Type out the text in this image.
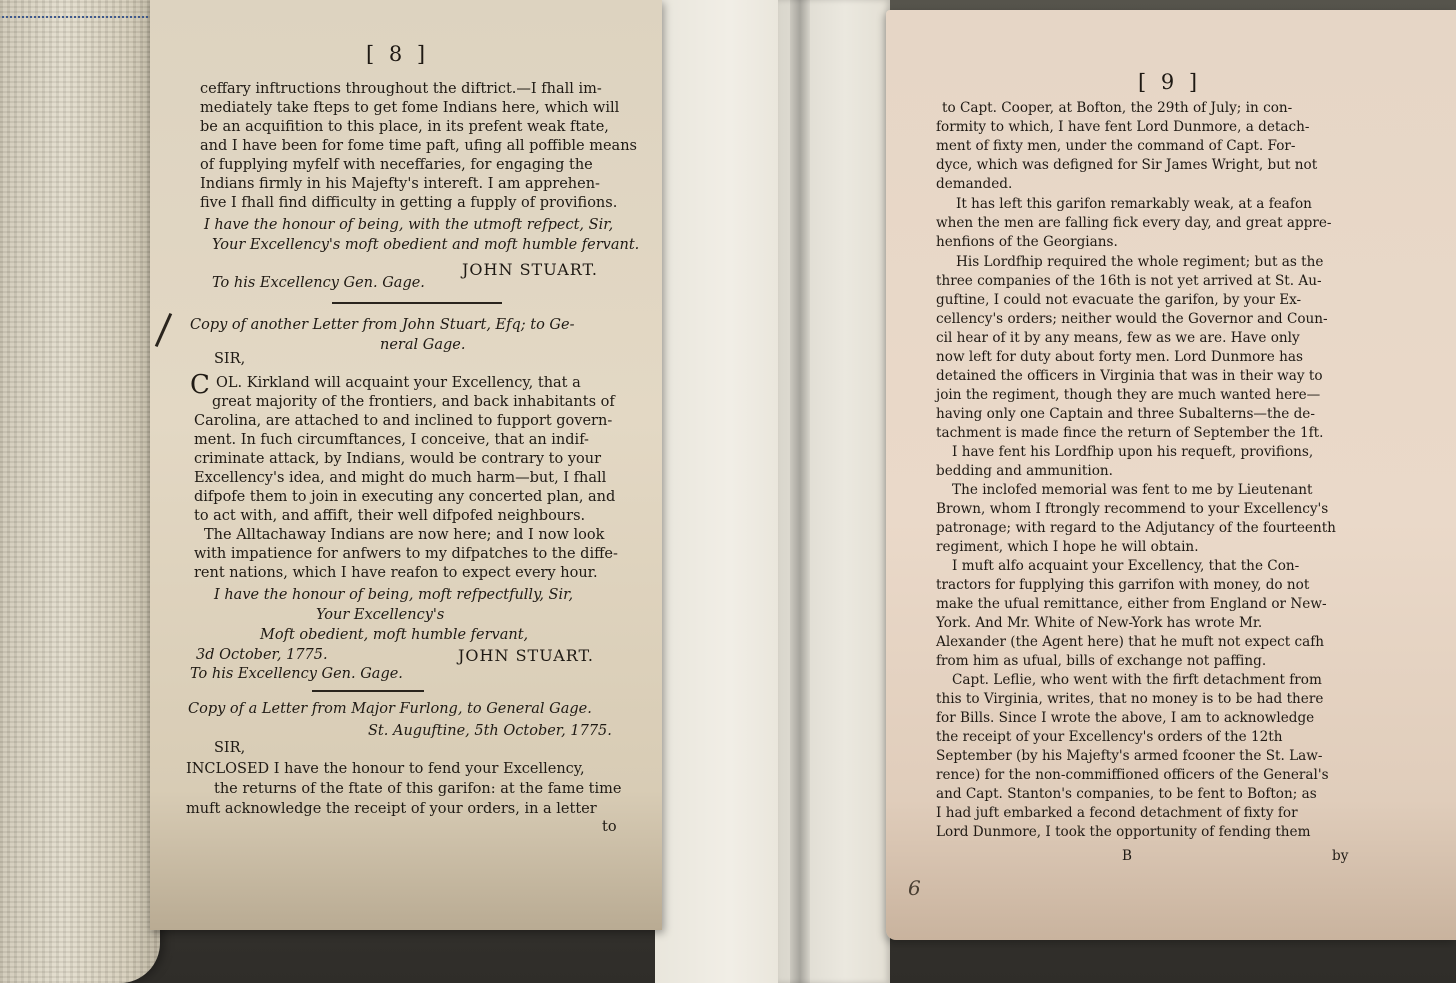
[ 8 ]
ceffary inftructions throughout the diftrict.—I fhall im-
mediately take fteps to get fome Indians here, which will
be an acquifition to this place, in its prefent weak ftate,
and I have been for fome time paft, ufing all poffible means
of fupplying myfelf with neceffaries, for engaging the
Indians firmly in his Majefty's intereft. I am apprehen-
five I fhall find difficulty in getting a fupply of provifions.
I have the honour of being, with the utmoft refpect, Sir,
Your Excellency's moft obedient and moft humble fervant.
JOHN STUART.
To his Excellency Gen. Gage.
Copy of another Letter from John Stuart, Efq; to Ge-
neral Gage.
SIR,
C OL. Kirkland will acquaint your Excellency, that a
great majority of the frontiers, and back inhabitants of
Carolina, are attached to and inclined to fupport govern-
ment. In fuch circumftances, I conceive, that an indif-
criminate attack, by Indians, would be contrary to your
Excellency's idea, and might do much harm—but, I fhall
difpofe them to join in executing any concerted plan, and
to act with, and affift, their well difpofed neighbours.
The Alltachaway Indians are now here; and I now look
with impatience for anfwers to my difpatches to the diffe-
rent nations, which I have reafon to expect every hour.
I have the honour of being, moft refpectfully, Sir,
Your Excellency's
Moft obedient, moft humble fervant,
3d October, 1775.	JOHN STUART.
To his Excellency Gen. Gage.
Copy of a Letter from Major Furlong, to General Gage.
St. Auguftine, 5th October, 1775.
SIR,
INCLOSED I have the honour to fend your Excellency,
the returns of the ftate of this garifon: at the fame time
muft acknowledge the receipt of your orders, in a letter
to
[ 9 ]
to Capt. Cooper, at Bofton, the 29th of July; in con-
formity to which, I have fent Lord Dunmore, a detach-
ment of fixty men, under the command of Capt. For-
dyce, which was defigned for Sir James Wright, but not
demanded.
It has left this garifon remarkably weak, at a feafon
when the men are falling fick every day, and great appre-
henfions of the Georgians.
His Lordfhip required the whole regiment; but as the
three companies of the 16th is not yet arrived at St. Au-
guftine, I could not evacuate the garifon, by your Ex-
cellency's orders; neither would the Governor and Coun-
cil hear of it by any means, few as we are. Have only
now left for duty about forty men. Lord Dunmore has
detained the officers in Virginia that was in their way to
join the regiment, though they are much wanted here—
having only one Captain and three Subalterns—the de-
tachment is made fince the return of September the 1ft.
I have fent his Lordfhip upon his requeft, provifions,
bedding and ammunition.
The inclofed memorial was fent to me by Lieutenant
Brown, whom I ftrongly recommend to your Excellency's
patronage; with regard to the Adjutancy of the fourteenth
regiment, which I hope he will obtain.
I muft alfo acquaint your Excellency, that the Con-
tractors for fupplying this garrifon with money, do not
make the ufual remittance, either from England or New-
York. And Mr. White of New-York has wrote Mr.
Alexander (the Agent here) that he muft not expect cafh
from him as ufual, bills of exchange not paffing.
Capt. Leflie, who went with the firft detachment from
this to Virginia, writes, that no money is to be had there
for Bills. Since I wrote the above, I am to acknowledge
the receipt of your Excellency's orders of the 12th
September (by his Majefty's armed fcooner the St. Law-
rence) for the non-commiffioned officers of the General's
and Capt. Stanton's companies, to be fent to Bofton; as
I had juft embarked a fecond detachment of fixty for
Lord Dunmore, I took the opportunity of fending them
B	by
6
